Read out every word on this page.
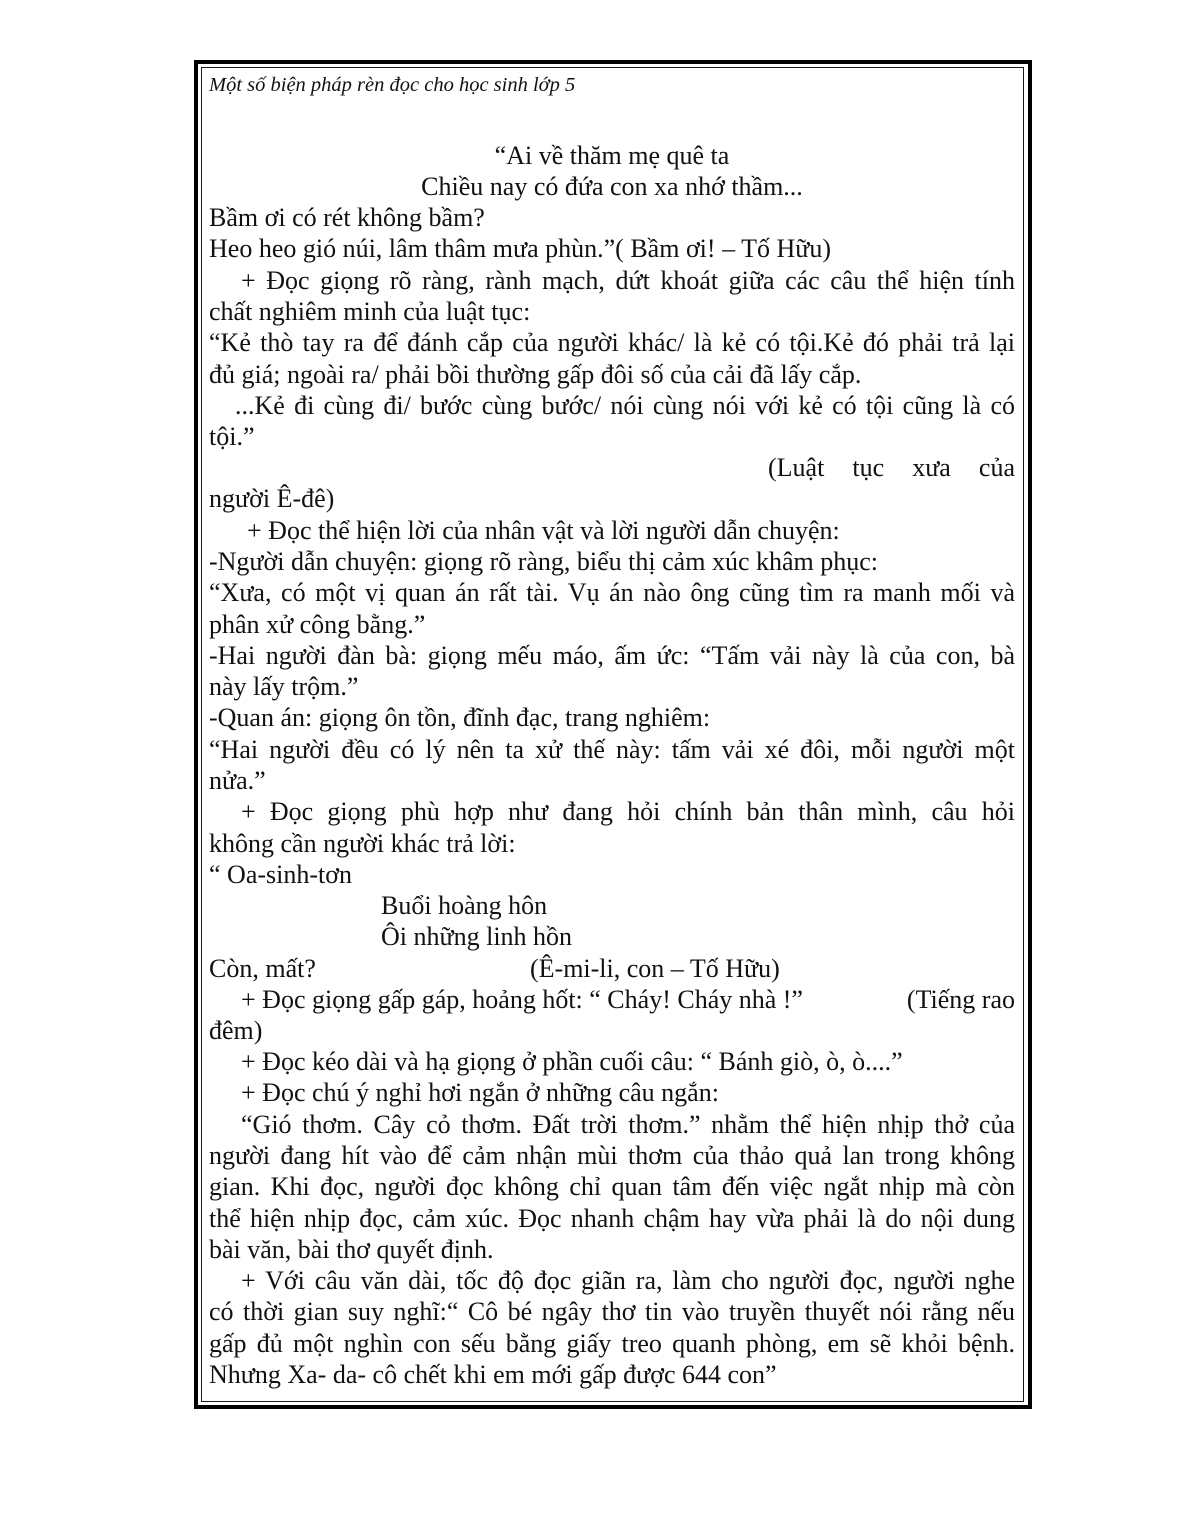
Một số biện pháp rèn đọc cho học sinh lớp 5
“Ai về thăm mẹ quê ta
Chiều nay có đứa con xa nhớ thầm...
Bầm ơi có rét không bầm?
Heo heo gió núi, lâm thâm mưa phùn.”( Bầm ơi! – Tố Hữu)
+ Đọc giọng rõ ràng, rành mạch, dứt khoát giữa các câu thể hiện tính
chất nghiêm minh của luật tục:
“Kẻ thò tay ra để đánh cắp của người khác/ là kẻ có tội.Kẻ đó phải trả lại
đủ giá; ngoài ra/ phải bồi thường gấp đôi số của cải đã lấy cắp.
...Kẻ đi cùng đi/ bước cùng bước/ nói cùng nói với kẻ có tội cũng là có
tội.”
(Luật tục xưa của
người Ê-đê)
+ Đọc thể hiện lời của nhân vật và lời người dẫn chuyện:
-Người dẫn chuyện: giọng rõ ràng, biểu thị cảm xúc khâm phục:
“Xưa, có một vị quan án rất tài. Vụ án nào ông cũng tìm ra manh mối và
phân xử công bằng.”
-Hai người đàn bà: giọng mếu máo, ấm ức: “Tấm vải này là của con, bà
này lấy trộm.”
-Quan án: giọng ôn tồn, đĩnh đạc, trang nghiêm:
“Hai người đều có lý nên ta xử thế này: tấm vải xé đôi, mỗi người một
nửa.”
+ Đọc giọng phù hợp như đang hỏi chính bản thân mình, câu hỏi
không cần người khác trả lời:
“ Oa-sinh-tơn
Buổi hoàng hôn
Ôi những linh hồn
Còn, mất?	(Ê-mi-li, con – Tố Hữu)
+ Đọc giọng gấp gáp, hoảng hốt: “ Cháy! Cháy nhà !”	(Tiếng rao
đêm)
+ Đọc kéo dài và hạ giọng ở phần cuối câu: “ Bánh giò, ò, ò....”
+ Đọc chú ý nghỉ hơi ngắn ở những câu ngắn:
“Gió thơm. Cây cỏ thơm. Đất trời thơm.” nhằm thể hiện nhịp thở của
người đang hít vào để cảm nhận mùi thơm của thảo quả lan trong không
gian. Khi đọc, người đọc không chỉ quan tâm đến việc ngắt nhịp mà còn
thể hiện nhịp đọc, cảm xúc. Đọc nhanh chậm hay vừa phải là do nội dung
bài văn, bài thơ quyết định.
+ Với câu văn dài, tốc độ đọc giãn ra, làm cho người đọc, người nghe
có thời gian suy nghĩ:“ Cô bé ngây thơ tin vào truyền thuyết nói rằng nếu
gấp đủ một nghìn con sếu bằng giấy treo quanh phòng, em sẽ khỏi bệnh.
Nhưng Xa- da- cô chết khi em mới gấp được 644 con”
